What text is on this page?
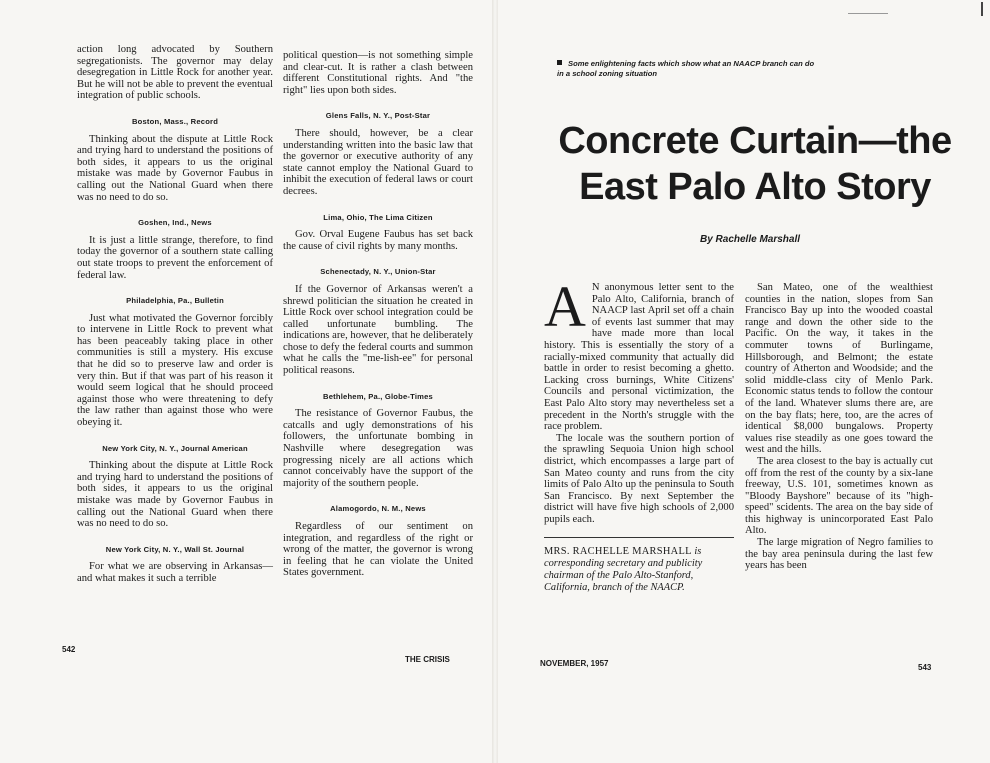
action long advocated by Southern segregationists. The governor may delay desegregation in Little Rock for another year. But he will not be able to prevent the eventual integration of public schools.

Boston, Mass., Record

Thinking about the dispute at Little Rock and trying hard to understand the positions of both sides, it appears to us the original mistake was made by Governor Faubus in calling out the National Guard when there was no need to do so.

Goshen, Ind., News

It is just a little strange, therefore, to find today the governor of a southern state calling out state troops to prevent the enforcement of federal law.

Philadelphia, Pa., Bulletin

Just what motivated the Governor forcibly to intervene in Little Rock to prevent what has been peaceably taking place in other communities is still a mystery. His excuse that he did so to preserve law and order is very thin. But if that was part of his reason it would seem logical that he should proceed against those who were threatening to defy the law rather than against those who were obeying it.

New York City, N. Y., Journal American

Thinking about the dispute at Little Rock and trying hard to understand the positions of both sides, it appears to us the original mistake was made by Governor Faubus in calling out the National Guard when there was no need to do so.

New York City, N. Y., Wall St. Journal

For what we are observing in Arkansas—and what makes it such a terrible

political question—is not something simple and clear-cut. It is rather a clash between different Constitutional rights. And "the right" lies upon both sides.

Glens Falls, N. Y., Post-Star

There should, however, be a clear understanding written into the basic law that the governor or executive authority of any state cannot employ the National Guard to inhibit the execution of federal laws or court decrees.

Lima, Ohio, The Lima Citizen

Gov. Orval Eugene Faubus has set back the cause of civil rights by many months.

Schenectady, N. Y., Union-Star

If the Governor of Arkansas weren't a shrewd politician the situation he created in Little Rock over school integration could be called unfortunate bumbling. The indications are, however, that he deliberately chose to defy the federal courts and summon what he calls the "me-lish-ee" for personal political reasons.

Bethlehem, Pa., Globe-Times

The resistance of Governor Faubus, the catcalls and ugly demonstrations of his followers, the unfortunate bombing in Nashville where desegregation was progressing nicely are all actions which cannot conceivably have the support of the majority of the southern people.

Alamogordo, N. M., News

Regardless of our sentiment on integration, and regardless of the right or wrong of the matter, the governor is wrong in feeling that he can violate the United States government.

542
THE CRISIS
Some enlightening facts which show what an NAACP branch can do in a school zoning situation
Concrete Curtain—the
East Palo Alto Story
By Rachelle Marshall

A N anonymous letter sent to the Palo Alto, California, branch of NAACP last April set off a chain of events last summer that may have made more than local history. This is essentially the story of a racially-mixed community that actually did battle in order to resist becoming a ghetto. Lacking cross burnings, White Citizens' Councils and personal victimization, the East Palo Alto story may nevertheless set a precedent in the North's struggle with the race problem.

The locale was the southern portion of the sprawling Sequoia Union high school district, which encompasses a large part of San Mateo county and runs from the city limits of Palo Alto up the peninsula to South San Francisco. By next September the district will have five high schools of 2,000 pupils each.

MRS. RACHELLE MARSHALL is corresponding secretary and publicity chairman of the Palo Alto-Stanford, California, branch of the NAACP.

San Mateo, one of the wealthiest counties in the nation, slopes from San Francisco Bay up into the wooded coastal range and down the other side to the Pacific. On the way, it takes in the commuter towns of Burlingame, Hillsborough, and Belmont; the estate country of Atherton and Woodside; and the solid middle-class city of Menlo Park. Economic status tends to follow the contour of the land. Whatever slums there are, are on the bay flats; here, too, are the acres of identical $8,000 bungalows. Property values rise steadily as one goes toward the west and the hills.

The area closest to the bay is actually cut off from the rest of the county by a six-lane freeway, U.S. 101, sometimes known as "Bloody Bayshore" because of its "high-speed" scidents. The area on the bay side of this highway is unincorporated East Palo Alto.

The large migration of Negro families to the bay area peninsula during the last few years has been

NOVEMBER, 1957	543
